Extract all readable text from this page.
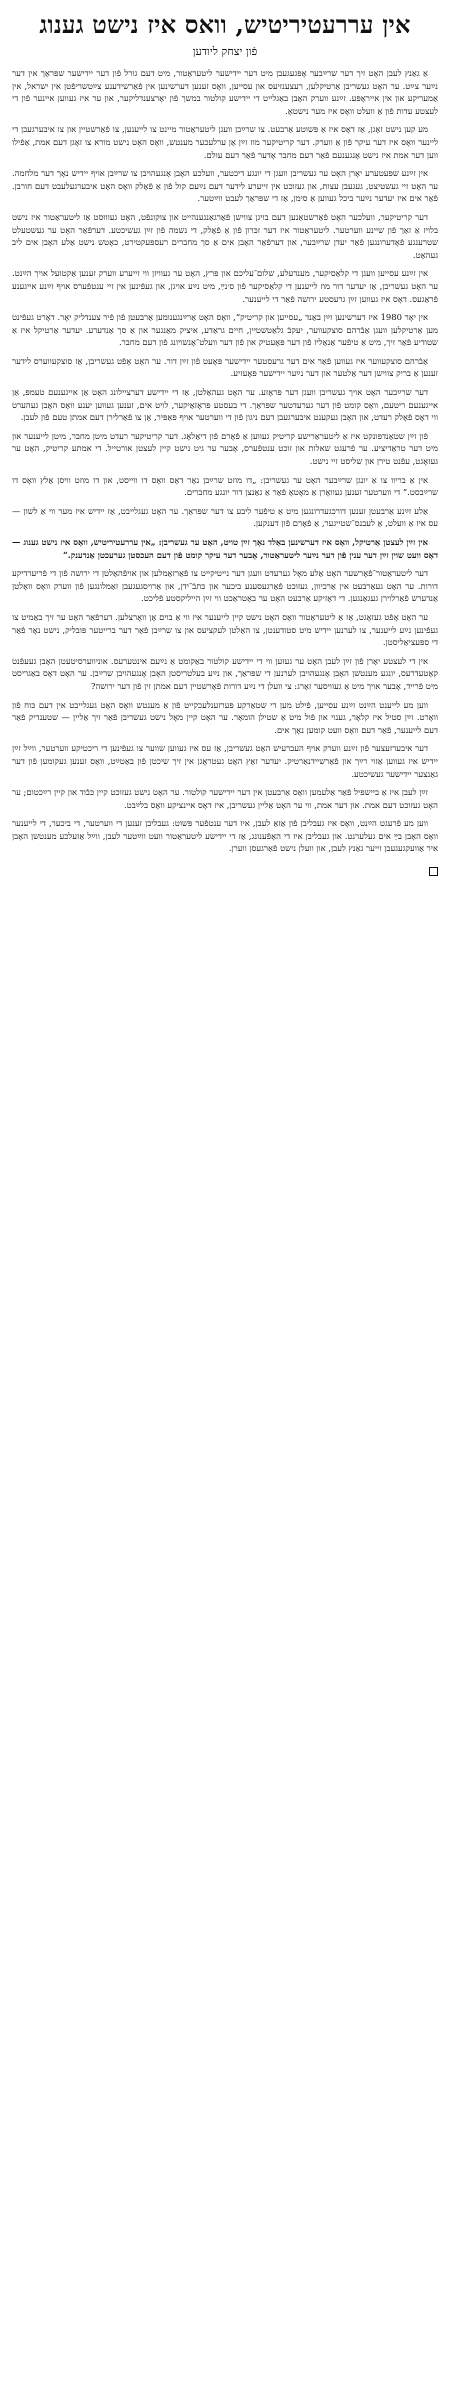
אין עררעטיריטיש, וואס איז נישט גענוג
פֿון יצחק ליודען

אַ גאַנץ לעבן האָט זיך דער שרײַבער אָפּגעגעבן מיט דער יידישער ליטעראַטור, מיט דעם גורל פֿון דער יידישער שפּראַך אין דער נײַער צײַט. ער האָט געשריבן אַרטיקלען, רעצענזיעס און עסייען, וואָס זענען דערשינען אין פֿאַרשידענע צײַטשריפֿטן אין ישראל, אין אַמעריקע און אין אייראָפּע. זײַנע ווערק האָבן באַגלייט די יידישע קולטור במשך פֿון יאָרצענדליקער, און ער איז געווען איינער פֿון די לעצטע עדות פֿון אַ וועלט וואָס איז מער נישטאָ.

מע קען נישט זאָגן, אַז דאָס איז אַ פּשוטע אַרבעט. צו שרײַבן וועגן ליטעראַטור מיינט צו לייענען, צו פֿאַרשטיין און צו איבערגעבן די ליינער וואָס איז דער עיקר פֿון אַ ווערק. דער קריטיקער מוז זײַן אַן ערלעכער מענטש, וואָס האָט נישט מורא צו זאָגן דעם אמת, אַפֿילו ווען דער אמת איז נישט אָנגענעם פֿאַר דעם מחבר אָדער פֿאַר דעם עולם.

אין זײַנע שפּעטערע יאָרן האָט ער געשריבן וועגן די יונגע דיכטער, וועלכע האָבן אָנגעהויבן צו שרײַבן אויף יידיש נאָך דער מלחמה. ער האָט זיי געשטיצט, געגעבן עצות, און געזוכט אין זייערע לידער דעם נײַעם קול פֿון אַ פֿאָלק וואָס האָט איבערגעלעבט דעם חורבן. פֿאַר אים איז יעדער נײַער ביכל געווען אַ סימן, אַז די שפּראַך לעבט ווײַטער.

דער קריטיקער, וועלכער האָט פֿאַרשטאַנען דעם בויגן צווישן פֿאַרגאַנגענהייט און צוקונפֿט, האָט געוווּסט אַז ליטעראַטור איז נישט בלויז אַ זאַך פֿון שיינע ווערטער. ליטעראַטור איז דער זכּרון פֿון אַ פֿאָלק, די נשמה פֿון זײַן געשיכטע. דערפֿאַר האָט ער געשטעלט שטרענגע פֿאָדערונגען פֿאַר יעדן שרײַבער, און דערפֿאַר האָבן אים אַ סך מחברים רעספּעקטירט, כאָטש נישט אַלע האָבן אים ליב געהאַט.

אין זײַנע עסייען וועגן די קלאַסיקער, מענדעלע, שלום־עליכם און פּרץ, האָט ער געוויזן ווי זייערע ווערק זענען אַקטועל אויך הײַנט. ער האָט געשריבן, אַז יעדער דור מוז לייענען די קלאַסיקער פֿון ס׳נײַ, מיט נײַע אויגן, און געפֿינען אין זיי ענטפֿערס אויף זײַנע אייגענע פֿראַגעס. דאָס איז געווען זײַן גרעסטע ירושה פֿאַר די לייענער.

אין יאָר 1980 איז דערשינען זײַן באַנד „עסייען און קריטיק“, וואָס האָט אַרײַנגענומען אַרבעטן פֿון פֿיר צענדליק יאָר. דאָרט געפֿינט מען אַרטיקלען וועגן אַבֿרהם סוצקעווער, יעקבֿ גלאַטשטיין, חיים גראַדע, איציק מאַנגער און אַ סך אַנדערע. יעדער אַרטיקל איז אַ שטודיע פֿאַר זיך, מיט אַ טיפֿער אַנאַליז פֿון דער פּאָעטיק און פֿון דער וועלט־אָנשויונג פֿון דעם מחבר.

אַבֿרהם סוצקעווער איז געווען פֿאַר אים דער גרעסטער יידישער פּאָעט פֿון זײַן דור. ער האָט אָפֿט געשריבן, אַז סוצקעווערס לידער זענען אַ בריק צווישן דער אַלטער און דער נײַער יידישער פּאָעזיע.

דער שרײַבער האָט אויך געשריבן וועגן דער פּראָזע. ער האָט געהאַלטן, אַז די יידישע דערציילונג האָט אַן אייגענעם טעמפּ, אַן אייגענעם ריטעם, וואָס קומט פֿון דער גערעדטער שפּראַך. די בעסטע פּראָזאַיקער, לויט אים, זענען געווען יענע וואָס האָבן געהערט ווי דאָס פֿאָלק רעדט, און האָבן געקענט איבערגעבן דעם ניגון פֿון די ווערטער אויף פּאַפּיר, אָן צו פֿאַרלירן דעם אמתן טעם פֿון לעבן.

פֿון זײַן שטאַנדפּונקט איז אַ ליטעראַרישע קריטיק געווען אַ פֿאָרם פֿון דיאַלאָג. דער קריטיקער רעדט מיטן מחבר, מיטן לייענער און מיט דער טראַדיציע. ער פֿרעגט שאלות און זוכט ענטפֿערס, אָבער ער גיט נישט קיין לעצטן אורטייל. די אמתע קריטיק, האָט ער געזאָגט, עפֿנט טירן און שליסט זיי נישט.

אין אַ בריוו צו אַ יונגן שרײַבער האָט ער געשריבן: „דו מוזט שרײַבן נאָר דאָס וואָס דו ווייסט, און דו מוזט וויסן אַלץ וואָס דו שרײַבסט.“ די ווערטער זענען געוואָרן אַ מאָטאָ פֿאַר אַ גאַנצן דור יונגע מחברים.

אַלע זײַנע אַרבעטן זענען דורכגעדרונגען מיט אַ טיפֿער ליבע צו דער שפּראַך. ער האָט געגלייבט, אַז יידיש איז מער ווי אַ לשון — עס איז אַ וועלט, אַ לעבנס־שטייגער, אַ פֿאָרם פֿון דענקען.

אין זײַן לעצטן אַרטיקל, וואָס איז דערשינען באַלד נאָך זײַן טויט, האָט ער געשריבן: „אין עררעטיריטיש, וואָס איז נישט גענוג — דאָס וועט שוין זײַן דער ענין פֿון דער נײַער ליטעראַטור, אָבער דער עיקר קומט פֿון דעם העכסטן גערעכטן אַנדענק.“

דער ליטעראַטור־פֿאָרשער האָט אַלע מאָל גערעדט וועגן דער נייטיקייט צו פֿאַרזאַמלען און אויפֿהאַלטן די ירושה פֿון די פֿריערדיקע דורות. ער האָט געאַרבעט אין אַרכיוון, געזוכט פֿאַרגעסענע ביכער און כּתבֿ־ידן, און אַרויסגעגעבן זאַמלונגען פֿון ווערק וואָס וואָלטן אַנדערש פֿאַרלוירן געגאַנגען. די דאָזיקע אַרבעט האָט ער באַטראַכט ווי זײַן הייליקסטע פֿליכט.

ער האָט אָפֿט געזאָגט, אַז אַ ליטעראַטור וואָס האָט נישט קיין לייענער איז ווי אַ בוים אָן וואָרצלען. דערפֿאַר האָט ער זיך באַמיט צו געפֿינען נײַע לייענער, צו לערנען יידיש מיט סטודענטן, צו האַלטן לעקציעס און צו שרײַבן פֿאַר דער ברייטער פּובליק, נישט נאָר פֿאַר די ספּעציאַליסטן.

אין די לעצטע יאָרן פֿון זײַן לעבן האָט ער געזען ווי די יידישע קולטור באַקומט אַ נײַעם אינטערעס. אוניווערסיטעטן האָבן געעפֿנט קאַטעדרעס, יונגע מענטשן האָבן אָנגעהויבן לערנען די שפּראַך, און נײַע בעלטריסטן האָבן אָנגעהויבן שרײַבן. ער האָט דאָס באַגריסט מיט פֿרייד, אָבער אויך מיט אַ געוויסער זאָרג: צי וועלן די נײַע דורות פֿאַרשטיין דעם אמתן זין פֿון דער ירושה?

ווען מע לייענט הײַנט זײַנע עסייען, פֿילט מען די שטאַרקע פּערזענלעכקייט פֿון אַ מענטש וואָס האָט געגלייבט אין דעם כּוח פֿון וואָרט. זײַן סטיל איז קלאָר, גענוי און פֿול מיט אַ שטילן הומאָר. ער האָט קיין מאָל נישט געשריבן פֿאַר זיך אַליין — שטענדיק פֿאַר דעם לייענער, פֿאַר דעם וואָס וועט קומען נאָך אים.

דער איבערזעצער פֿון זײַנע ווערק אויף העברעיש האָט געשריבן, אַז עס איז געווען שווער צו געפֿינען די ריכטיקע ווערטער, ווײַל זײַן יידיש איז געווען אַזוי רײַך און פֿאַרשיידנאַרטיק. יעדער זאַץ האָט געטראָגן אין זיך שיכטן פֿון באַטײַט, וואָס זענען געקומען פֿון דער גאַנצער יידישער געשיכטע.

זײַן לעבן איז אַ ביישפּיל פֿאַר אַלעמען וואָס אַרבעטן אין דער יידישער קולטור. ער האָט נישט געזוכט קיין כּבֿוד און קיין רײַכטום; ער האָט געזוכט דעם אמת. און דער אמת, ווי ער האָט אַליין געשריבן, איז דאָס איינציקע וואָס בלײַבט.

ווען מע פֿרעגט הײַנט, וואָס איז געבליבן פֿון אַזאַ לעבן, איז דער ענטפֿער פּשוט: געבליבן זענען די ווערטער, די ביכער, די לייענער וואָס האָבן בײַ אים געלערנט. און געבליבן איז די האָפֿענונג, אַז די יידישע ליטעראַטור וועט ווײַטער לעבן, ווײַל אַזעלכע מענטשן האָבן איר אַוועקגעגעבן זייער גאַנץ לעבן, און וועלן נישט פֿאַרגעסן ווערן.
